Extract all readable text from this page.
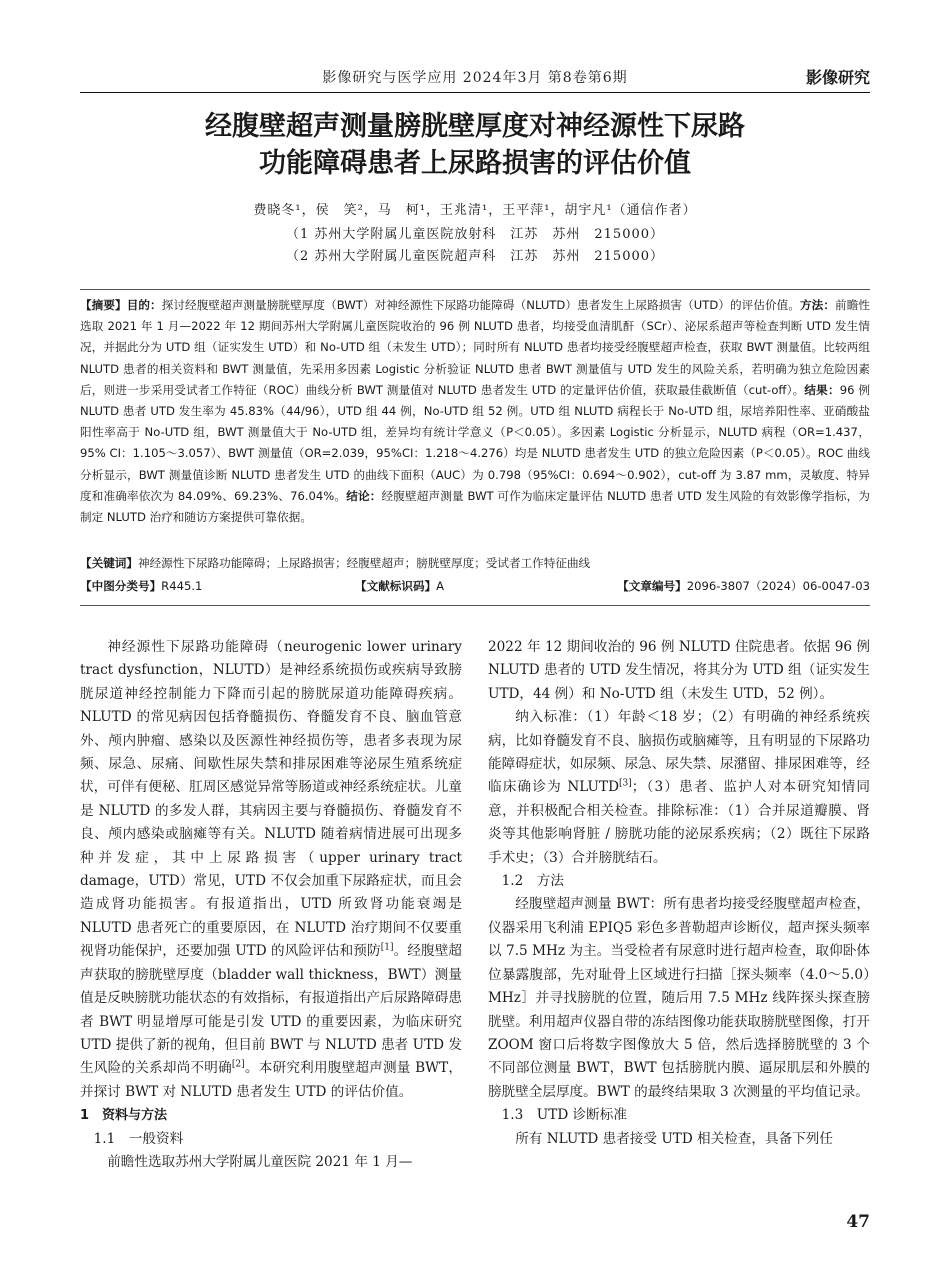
影像研究与医学应用 2024年3月 第8卷第6期	影像研究
经腹壁超声测量膀胱壁厚度对神经源性下尿路
功能障碍患者上尿路损害的评估价值
费晓冬¹，侯　笑²，马　柯¹，王兆清¹，王平萍¹，胡宇凡¹（通信作者）
（1 苏州大学附属儿童医院放射科　江苏　苏州　215000）
（2 苏州大学附属儿童医院超声科　江苏　苏州　215000）
【摘要】目的：探讨经腹壁超声测量膀胱壁厚度（BWT）对神经源性下尿路功能障碍（NLUTD）患者发生上尿路损害（UTD）的评估价值。方法：前瞻性选取 2021 年 1 月—2022 年 12 期间苏州大学附属儿童医院收治的 96 例 NLUTD 患者，均接受血清肌酐（SCr）、泌尿系超声等检查判断 UTD 发生情况，并据此分为 UTD 组（证实发生 UTD）和 No-UTD 组（未发生 UTD）；同时所有 NLUTD 患者均接受经腹壁超声检查，获取 BWT 测量值。比较两组 NLUTD 患者的相关资料和 BWT 测量值，先采用多因素 Logistic 分析验证 NLUTD 患者 BWT 测量值与 UTD 发生的风险关系，若明确为独立危险因素后，则进一步采用受试者工作特征（ROC）曲线分析 BWT 测量值对 NLUTD 患者发生 UTD 的定量评估价值，获取最佳截断值（cut-off）。结果：96 例 NLUTD 患者 UTD 发生率为 45.83%（44/96），UTD 组 44 例，No-UTD 组 52 例。UTD 组 NLUTD 病程长于 No-UTD 组，尿培养阳性率、亚硝酸盐阳性率高于 No-UTD 组，BWT 测量值大于 No-UTD 组，差异均有统计学意义（P＜0.05）。多因素 Logistic 分析显示，NLUTD 病程（OR=1.437，95% CI：1.105～3.057）、BWT 测量值（OR=2.039，95%CI：1.218～4.276）均是 NLUTD 患者发生 UTD 的独立危险因素（P＜0.05）。ROC 曲线分析显示，BWT 测量值诊断 NLUTD 患者发生 UTD 的曲线下面积（AUC）为 0.798（95%CI：0.694～0.902），cut-off 为 3.87 mm，灵敏度、特异度和准确率依次为 84.09%、69.23%、76.04%。结论：经腹壁超声测量 BWT 可作为临床定量评估 NLUTD 患者 UTD 发生风险的有效影像学指标，为制定 NLUTD 治疗和随访方案提供可靠依据。
【关键词】神经源性下尿路功能障碍；上尿路损害；经腹壁超声；膀胱壁厚度；受试者工作特征曲线
【中图分类号】R445.1	【文献标识码】A	【文章编号】2096-3807（2024）06-0047-03

神经源性下尿路功能障碍（neurogenic lower urinary tract dysfunction，NLUTD）是神经系统损伤或疾病导致膀胱尿道神经控制能力下降而引起的膀胱尿道功能障碍疾病。NLUTD 的常见病因包括脊髓损伤、脊髓发育不良、脑血管意外、颅内肿瘤、感染以及医源性神经损伤等，患者多表现为尿频、尿急、尿痛、间歇性尿失禁和排尿困难等泌尿生殖系统症状，可伴有便秘、肛周区感觉异常等肠道或神经系统症状。儿童是 NLUTD 的多发人群，其病因主要与脊髓损伤、脊髓发育不良、颅内感染或脑瘫等有关。NLUTD 随着病情进展可出现多种并发症，其中上尿路损害（upper urinary tract damage，UTD）常见，UTD 不仅会加重下尿路症状，而且会造成肾功能损害。有报道指出，UTD 所致肾功能衰竭是 NLUTD 患者死亡的重要原因，在 NLUTD 治疗期间不仅要重视肾功能保护，还要加强 UTD 的风险评估和预防[1]。经腹壁超声获取的膀胱壁厚度（bladder wall thickness，BWT）测量值是反映膀胱功能状态的有效指标，有报道指出产后尿路障碍患者 BWT 明显增厚可能是引发 UTD 的重要因素，为临床研究 UTD 提供了新的视角，但目前 BWT 与 NLUTD 患者 UTD 发生风险的关系却尚不明确[2]。本研究利用腹壁超声测量 BWT，并探讨 BWT 对 NLUTD 患者发生 UTD 的评估价值。

1　资料与方法

1.1　一般资料

前瞻性选取苏州大学附属儿童医院 2021 年 1 月—

2022 年 12 期间收治的 96 例 NLUTD 住院患者。依据 96 例 NLUTD 患者的 UTD 发生情况，将其分为 UTD 组（证实发生 UTD，44 例）和 No-UTD 组（未发生 UTD，52 例）。

纳入标准：（1）年龄＜18 岁；（2）有明确的神经系统疾病，比如脊髓发育不良、脑损伤或脑瘫等，且有明显的下尿路功能障碍症状，如尿频、尿急、尿失禁、尿潴留、排尿困难等，经临床确诊为 NLUTD[3]；（3）患者、监护人对本研究知情同意，并积极配合相关检查。排除标准：（1）合并尿道瓣膜、肾炎等其他影响肾脏 / 膀胱功能的泌尿系疾病；（2）既往下尿路手术史；（3）合并膀胱结石。

1.2　方法

经腹壁超声测量 BWT：所有患者均接受经腹壁超声检查，仪器采用飞利浦 EPIQ5 彩色多普勒超声诊断仪，超声探头频率以 7.5 MHz 为主。当受检者有尿意时进行超声检查，取仰卧体位暴露腹部，先对耻骨上区域进行扫描［探头频率（4.0～5.0）MHz］并寻找膀胱的位置，随后用 7.5 MHz 线阵探头探查膀胱壁。利用超声仪器自带的冻结图像功能获取膀胱壁图像，打开 ZOOM 窗口后将数字图像放大 5 倍，然后选择膀胱壁的 3 个不同部位测量 BWT，BWT 包括膀胱内膜、逼尿肌层和外膜的膀胱壁全层厚度。BWT 的最终结果取 3 次测量的平均值记录。

1.3　UTD 诊断标准

所有 NLUTD 患者接受 UTD 相关检查，具备下列任

47
